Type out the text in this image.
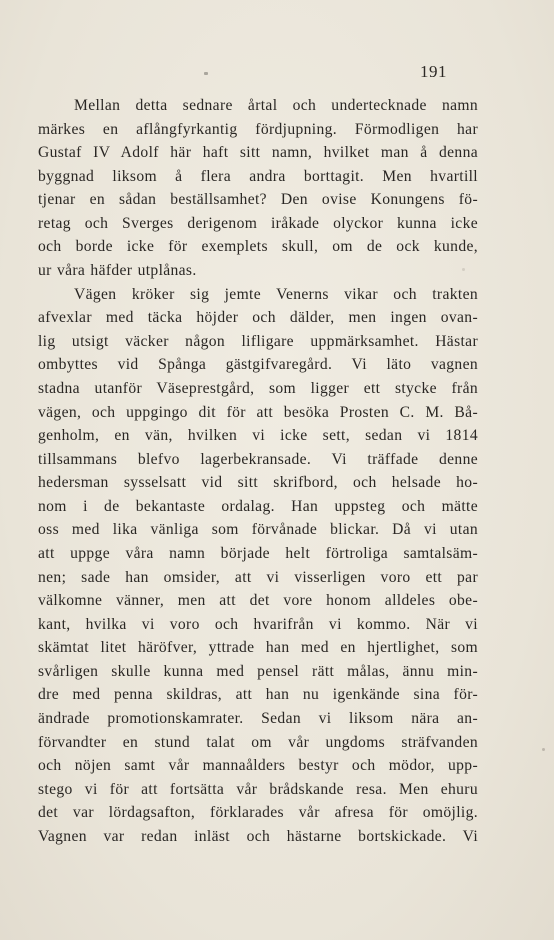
191
Mellan detta sednare årtal och undertecknade namn
märkes en aflångfyrkantig fördjupning. Förmodligen har
Gustaf IV Adolf här haft sitt namn, hvilket man å denna
byggnad liksom å flera andra borttagit. Men hvartill
tjenar en sådan beställsamhet? Den ovise Konungens fö-
retag och Sverges derigenom iråkade olyckor kunna icke
och borde icke för exemplets skull, om de ock kunde,
ur våra häfder utplånas.
Vägen kröker sig jemte Venerns vikar och trakten
afvexlar med täcka höjder och dälder, men ingen ovan-
lig utsigt väcker någon lifligare uppmärksamhet. Hästar
ombyttes vid Spånga gästgifvaregård. Vi läto vagnen
stadna utanför Väseprestgård, som ligger ett stycke från
vägen, och uppgingo dit för att besöka Prosten C. M. Bå-
genholm, en vän, hvilken vi icke sett, sedan vi 1814
tillsammans blefvo lagerbekransade. Vi träffade denne
hedersman sysselsatt vid sitt skrifbord, och helsade ho-
nom i de bekantaste ordalag. Han uppsteg och mätte
oss med lika vänliga som förvånade blickar. Då vi utan
att uppge våra namn började helt förtroliga samtalsäm-
nen; sade han omsider, att vi visserligen voro ett par
välkomne vänner, men att det vore honom alldeles obe-
kant, hvilka vi voro och hvarifrån vi kommo. När vi
skämtat litet häröfver, yttrade han med en hjertlighet, som
svårligen skulle kunna med pensel rätt målas, ännu min-
dre med penna skildras, att han nu igenkände sina för-
ändrade promotionskamrater. Sedan vi liksom nära an-
förvandter en stund talat om vår ungdoms sträfvanden
och nöjen samt vår mannaålders bestyr och mödor, upp-
stego vi för att fortsätta vår brådskande resa. Men ehuru
det var lördagsafton, förklarades vår afresa för omöjlig.
Vagnen var redan inläst och hästarne bortskickade. Vi
